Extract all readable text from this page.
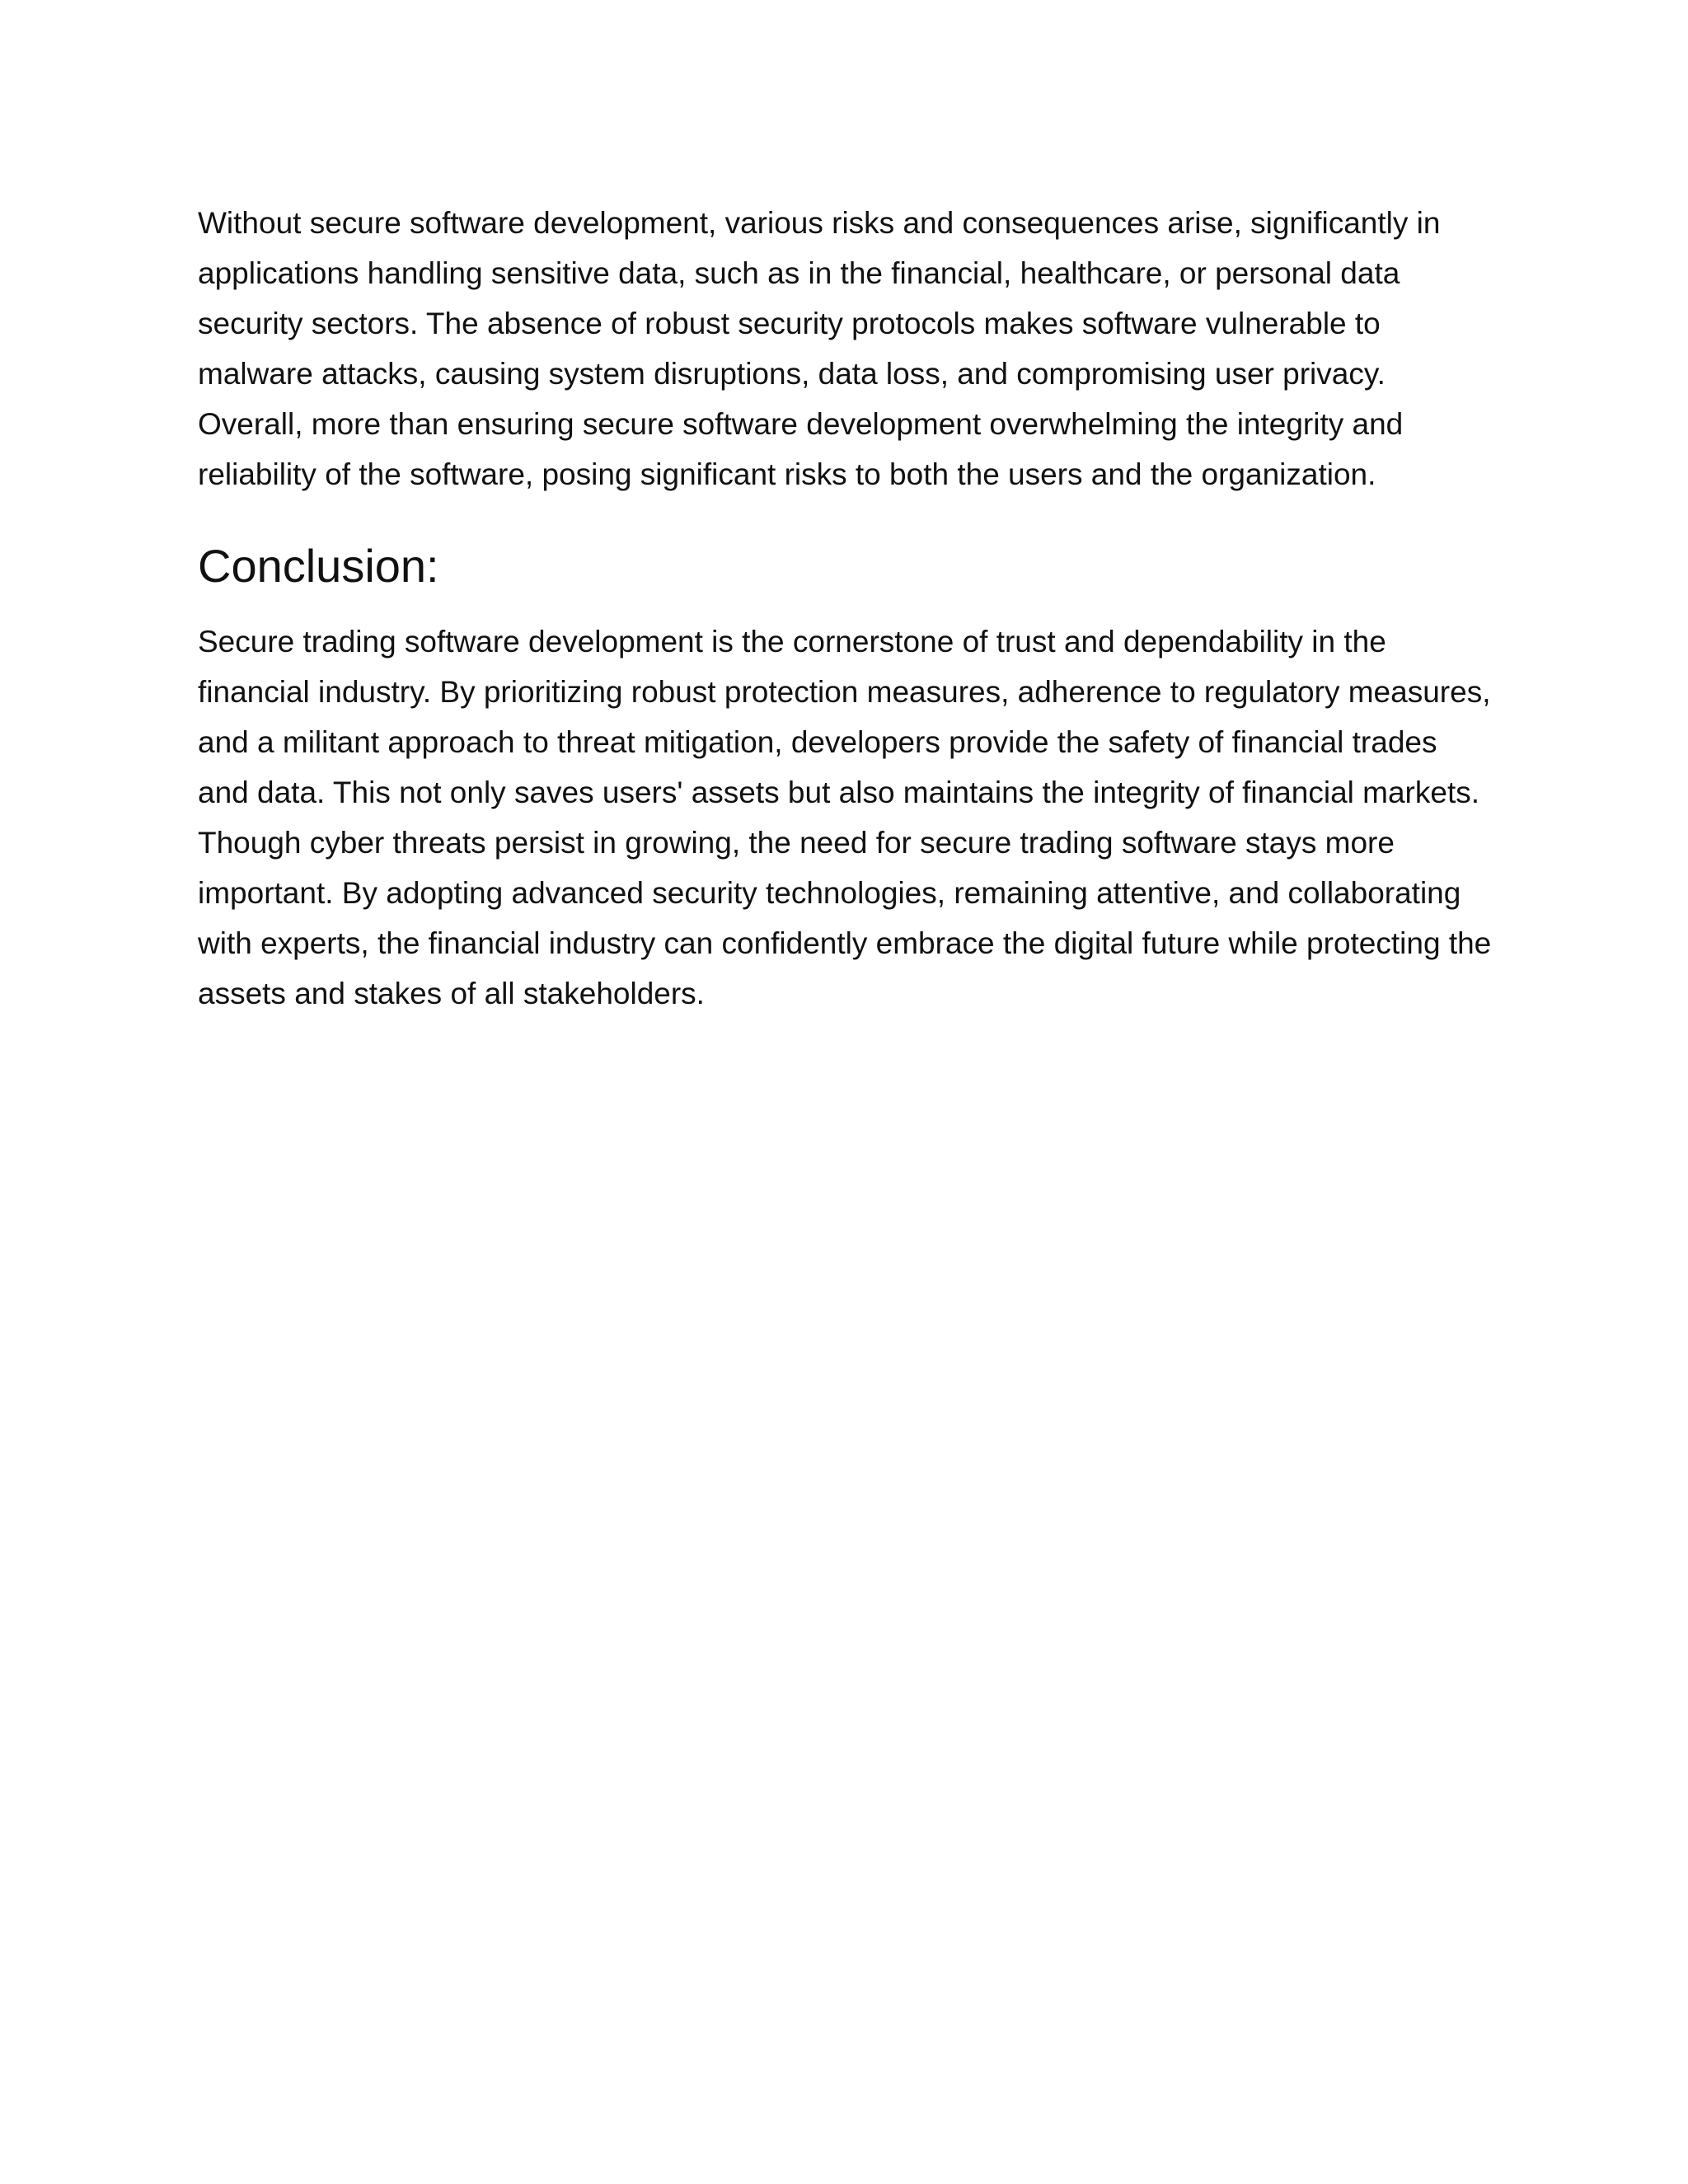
Without secure software development, various risks and consequences arise, significantly in applications handling sensitive data, such as in the financial, healthcare, or personal data security sectors. The absence of robust security protocols makes software vulnerable to malware attacks, causing system disruptions, data loss, and compromising user privacy. Overall, more than ensuring secure software development overwhelming the integrity and reliability of the software, posing significant risks to both the users and the organization.

Conclusion:

Secure trading software development is the cornerstone of trust and dependability in the financial industry. By prioritizing robust protection measures, adherence to regulatory measures, and a militant approach to threat mitigation, developers provide the safety of financial trades and data. This not only saves users' assets but also maintains the integrity of financial markets. Though cyber threats persist in growing, the need for secure trading software stays more important. By adopting advanced security technologies, remaining attentive, and collaborating with experts, the financial industry can confidently embrace the digital future while protecting the assets and stakes of all stakeholders.
